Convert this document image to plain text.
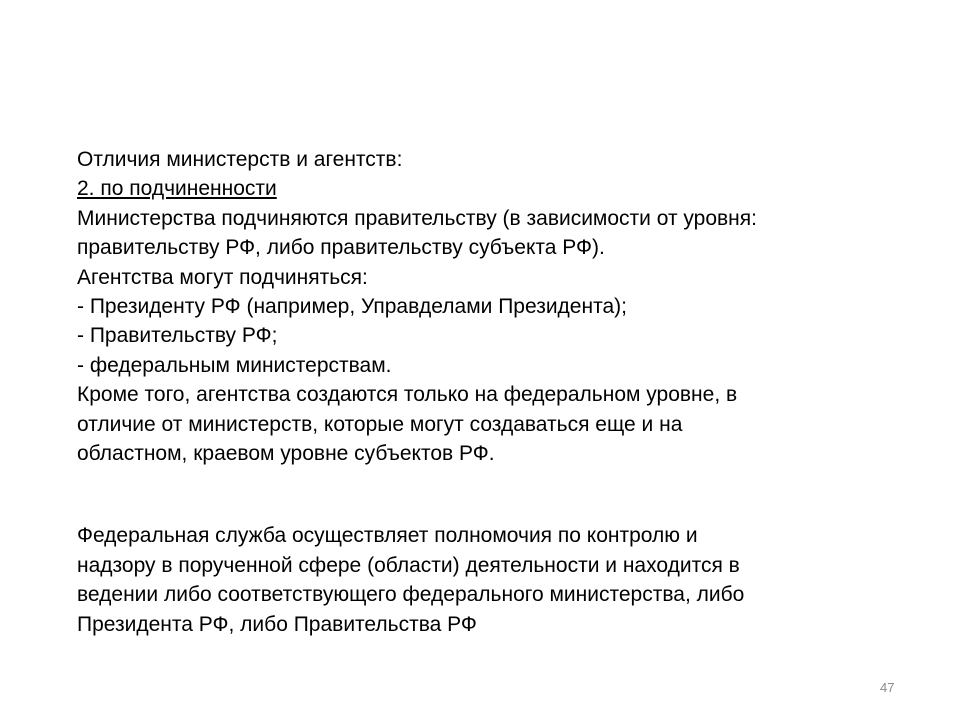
Отличия министерств и агентств:
2. по подчиненности
Министерства подчиняются правительству (в зависимости от уровня:
правительству РФ, либо правительству субъекта РФ).
Агентства могут подчиняться:
- Президенту РФ (например, Управделами Президента);
- Правительству РФ;
- федеральным министерствам.
Кроме того, агентства создаются только на федеральном уровне, в
отличие от министерств, которые могут создаваться еще и на
областном, краевом уровне субъектов РФ.
Федеральная служба осуществляет полномочия по контролю и
надзору в порученной сфере (области) деятельности и находится в
ведении либо соответствующего федерального министерства, либо
Президента РФ, либо Правительства РФ
47
